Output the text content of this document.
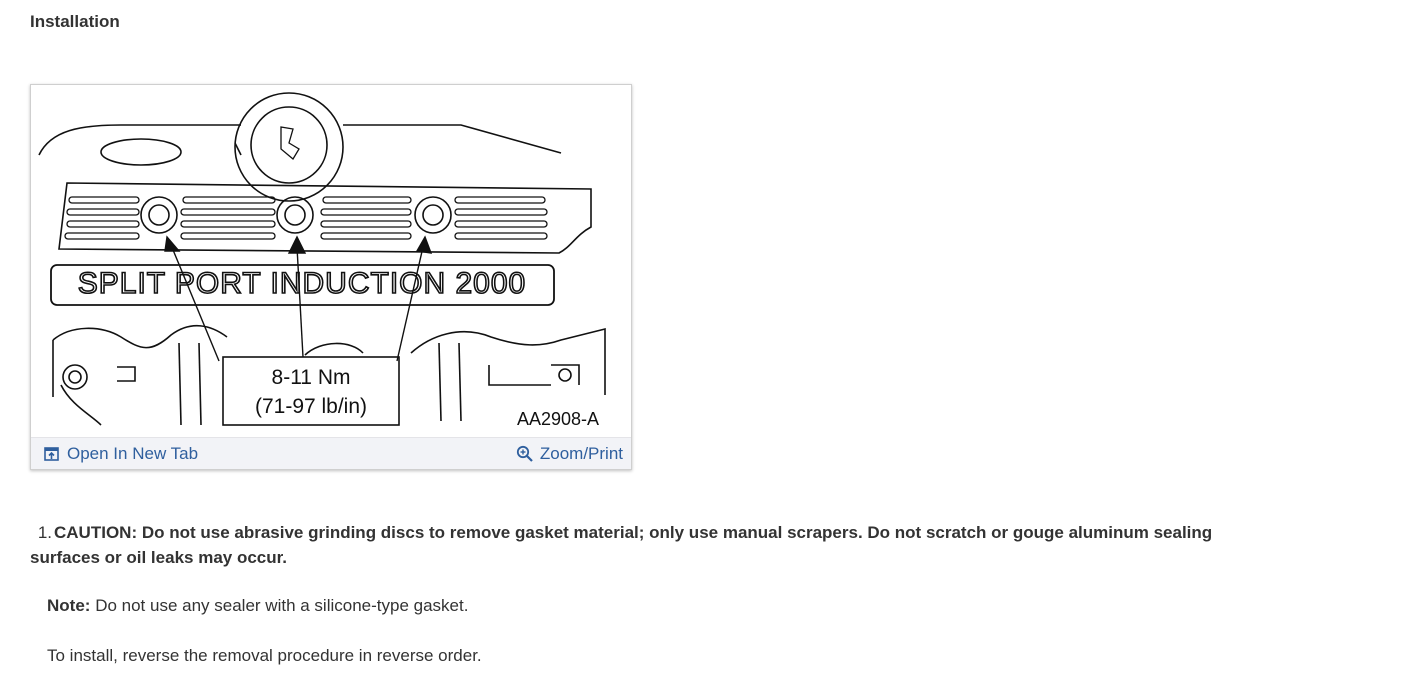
Installation
SPLIT PORT INDUCTION 2000
8-11 Nm
(71-97 lb/in)
AA2908-A
Open In New Tab	Zoom/Print
1. CAUTION: Do not use abrasive grinding discs to remove gasket material; only use manual scrapers. Do not scratch or gouge aluminum sealing surfaces or oil leaks may occur.
Note: Do not use any sealer with a silicone-type gasket.
To install, reverse the removal procedure in reverse order.
